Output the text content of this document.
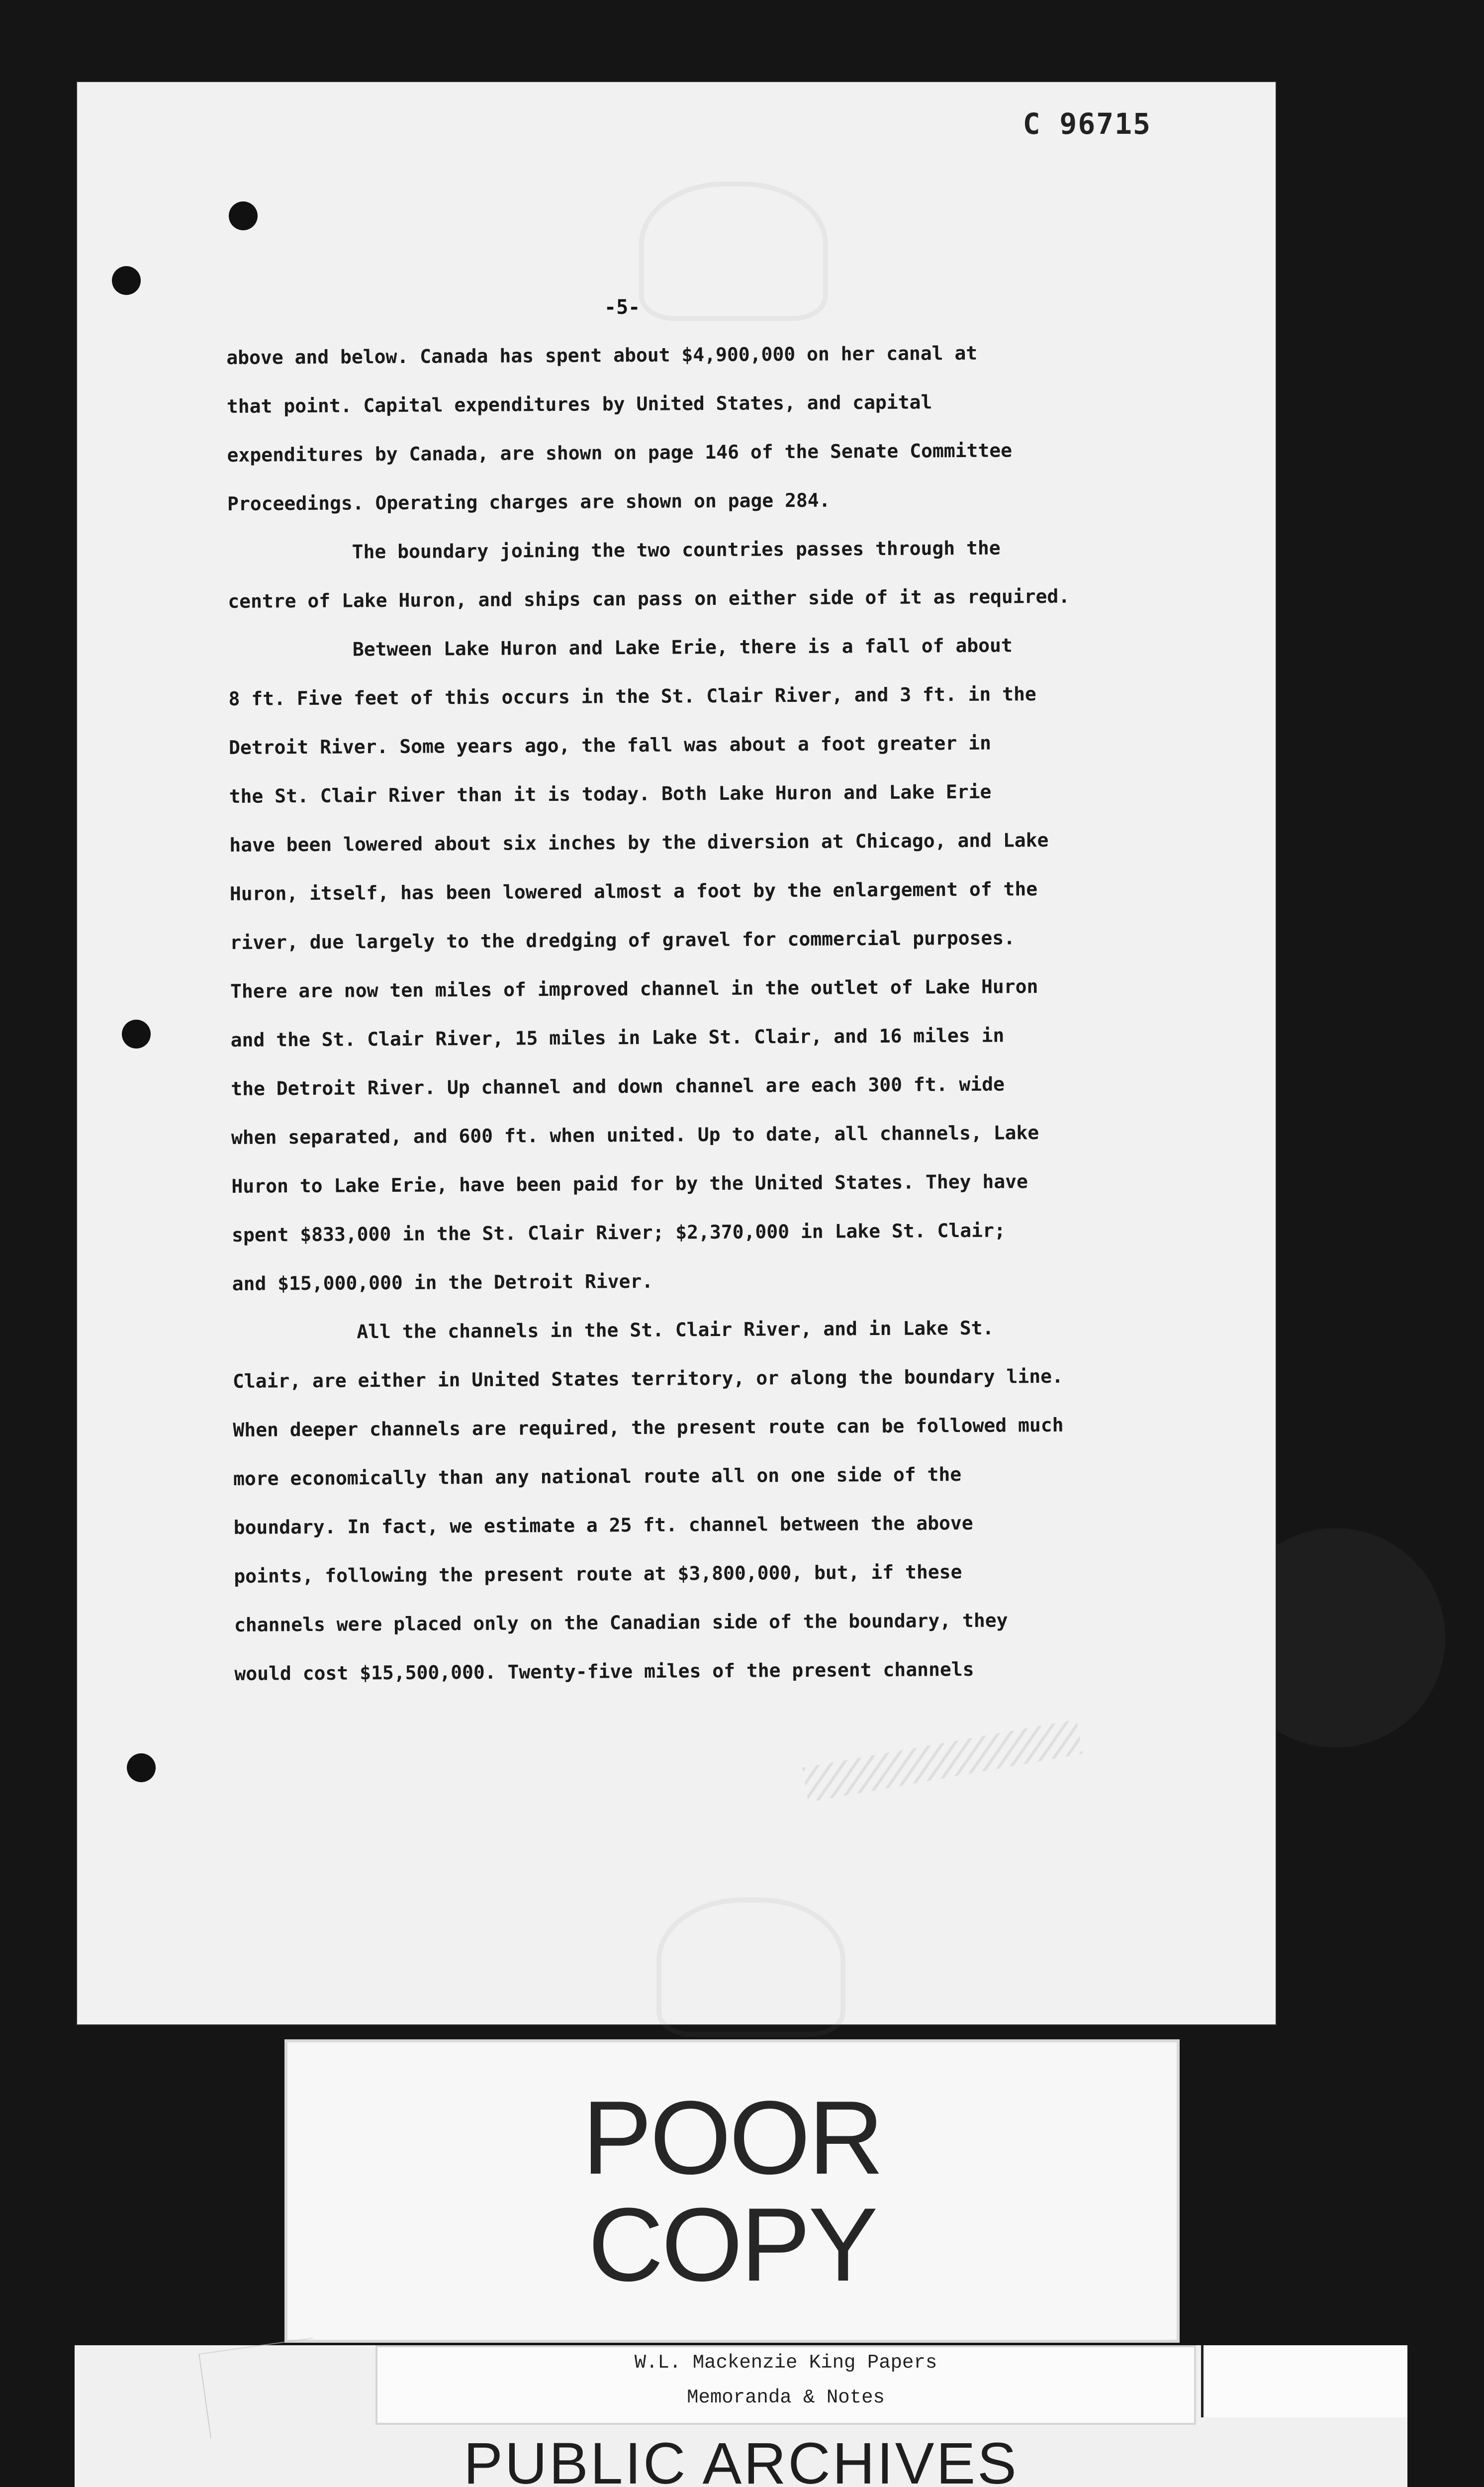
C 96715
-5-
above and below. Canada has spent about $4,900,000 on her canal at
that point. Capital expenditures by United States, and capital
expenditures by Canada, are shown on page 146 of the Senate Committee
Proceedings. Operating charges are shown on page 284.
The boundary joining the two countries passes through the
centre of Lake Huron, and ships can pass on either side of it as required.
Between Lake Huron and Lake Erie, there is a fall of about
8 ft. Five feet of this occurs in the St. Clair River, and 3 ft. in the
Detroit River. Some years ago, the fall was about a foot greater in
the St. Clair River than it is today. Both Lake Huron and Lake Erie
have been lowered about six inches by the diversion at Chicago, and Lake
Huron, itself, has been lowered almost a foot by the enlargement of the
river, due largely to the dredging of gravel for commercial purposes.
There are now ten miles of improved channel in the outlet of Lake Huron
and the St. Clair River, 15 miles in Lake St. Clair, and 16 miles in
the Detroit River. Up channel and down channel are each 300 ft. wide
when separated, and 600 ft. when united. Up to date, all channels, Lake
Huron to Lake Erie, have been paid for by the United States. They have
spent $833,000 in the St. Clair River; $2,370,000 in Lake St. Clair;
and $15,000,000 in the Detroit River.
All the channels in the St. Clair River, and in Lake St.
Clair, are either in United States territory, or along the boundary line.
When deeper channels are required, the present route can be followed much
more economically than any national route all on one side of the
boundary. In fact, we estimate a 25 ft. channel between the above
points, following the present route at $3,800,000, but, if these
channels were placed only on the Canadian side of the boundary, they
would cost $15,500,000. Twenty-five miles of the present channels
POOR
COPY
W.L. Mackenzie King Papers
Memoranda & Notes
PUBLIC ARCHIVES
